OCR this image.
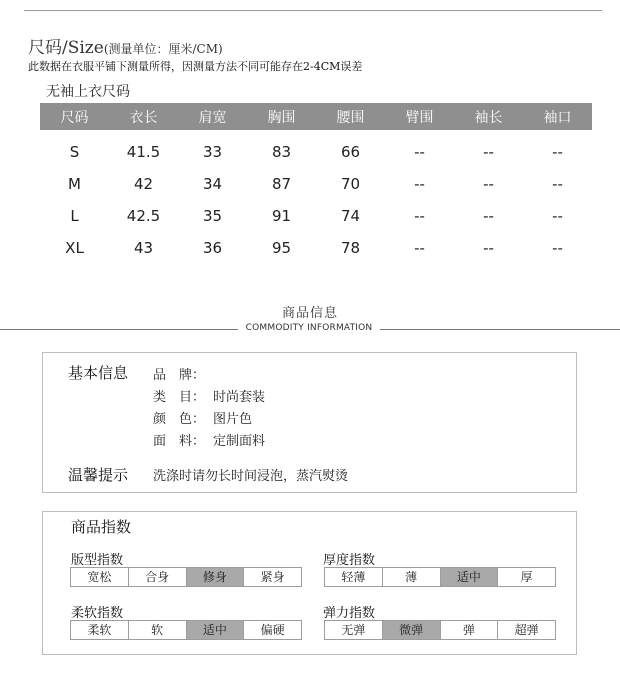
尺码/Size(测量单位：厘米/CM)
此数据在衣服平铺下测量所得，因测量方法不同可能存在2-4CM误差
无袖上衣尺码
尺码	衣长	肩宽	胸围	腰围	臂围	袖长	袖口
S	41.5	33	83	66	--	--	--
M	42	34	87	70	--	--	--
L	42.5	35	91	74	--	--	--
XL	43	36	95	78	--	--	--
商品信息
COMMODITY INFORMATION
基本信息 品　牌：
类　目： 时尚套装
颜　色： 图片色
面　料： 定制面料
温馨提示 洗涤时请勿长时间浸泡，蒸汽熨烫
商品指数
版型指数
宽松	合身	修身	紧身
厚度指数
轻薄	薄	适中	厚
柔软指数
柔软	软	适中	偏硬
弹力指数
无弹	微弹	弹	超弹
